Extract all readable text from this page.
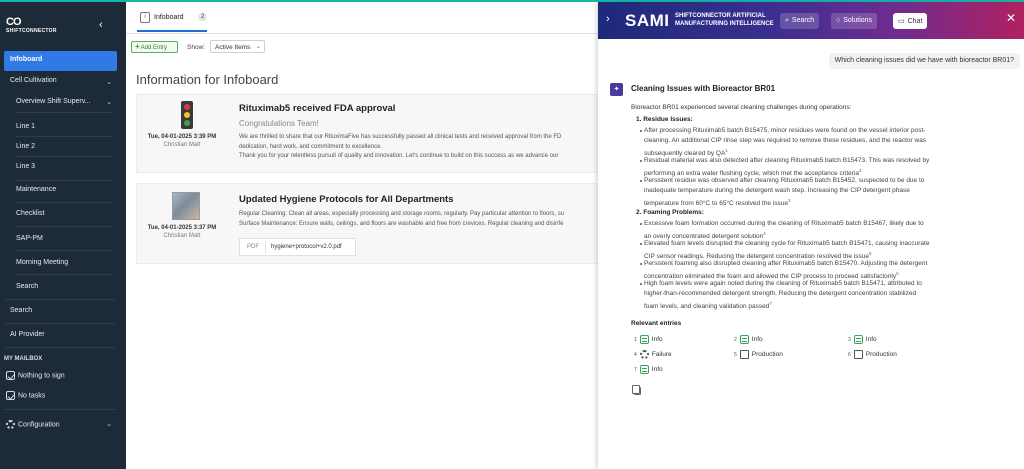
CO
SHIFTCONNECTOR	‹
Infoboard
Cell Cultivation	⌄
Overview Shift Superv... ⌄
Line 1
Line 2
Line 3
Maintenance
Checklist
SAP-PM
Morning Meeting
Search
Search
AI Provider
MY MAILBOX
Nothing to sign
No tasks
Configuration	⌄
i	Infoboard	2
+Add Entry	Show:	Active Items ⌄
Information for Infoboard
Tue, 04-01-2025 3:39 PM
Christian Matt
Rituximab5 received FDA approval
Congratulations Team!
We are thrilled to share that our RituximaFive has successfully passed all clinical tests and received approval from the FD
dedication, hard work, and commitment to excellence.
Thank you for your relentless pursuit of quality and innovation. Let's continue to build on this success as we advance our
Tue, 04-01-2025 3:37 PM
Christian Matt
Updated Hygiene Protocols for All Departments
Regular Cleaning: Clean all areas, especially processing and storage rooms, regularly. Pay particular attention to floors, su
Surface Maintenance: Ensure walls, ceilings, and floors are washable and free from crevices. Regular cleaning and disinfe
PDF hygiene+protocol+v2.0.pdf
› SAMI SHIFTCONNECTOR ARTIFICIAL
MANUFACTURING INTELLIGENCE	⌕ Search	○ Solutions	▭ Chat	✕
Which cleaning issues did we have with bioreactor BR01?
✦	Cleaning Issues with Bioreactor BR01
Bioreactor BR01 experienced several cleaning challenges during operations:
1. Residue Issues:
After processing Rituximab5 batch B15475, minor residues were found on the vessel interior post-
cleaning. An additional CIP rinse step was required to remove these residues, and the reactor was
subsequently cleared by $QA^1$
Residual material was also detected after cleaning Rituximab5 batch B15473. This was resolved by
performing an extra water flushing cycle, which met the acceptance criteria$^2$
Persistent residue was observed after cleaning Rituximab5 batch B15452, suspected to be due to
inadequate temperature during the detergent wash step. Increasing the CIP detergent phase
temperature from 60°C to 65°C resolved the issue$^3$
2. Foaming Problems:
Excessive foam formation occurred during the cleaning of Rituximab5 batch B15467, likely due to
an overly concentrated detergent solution$^4$
Elevated foam levels disrupted the cleaning cycle for Rituximab5 batch B15471, causing inaccurate
CIP sensor readings. Reducing the detergent concentration resolved the issue$^5$
Persistent foaming also disrupted cleaning after Rituximab5 batch B15470. Adjusting the detergent
concentration eliminated the foam and allowed the CIP process to proceed satisfactorily$^6$
High foam levels were again noted during the cleaning of Rituximab5 batch B15471, attributed to
higher-than-recommended detergent strength. Reducing the detergent concentration stabilized
foam levels, and cleaning validation passed$^7$
Relevant entries
1 Info	2 Info	3 Info
4 Failure	5 Production	6 Production
7 Info
